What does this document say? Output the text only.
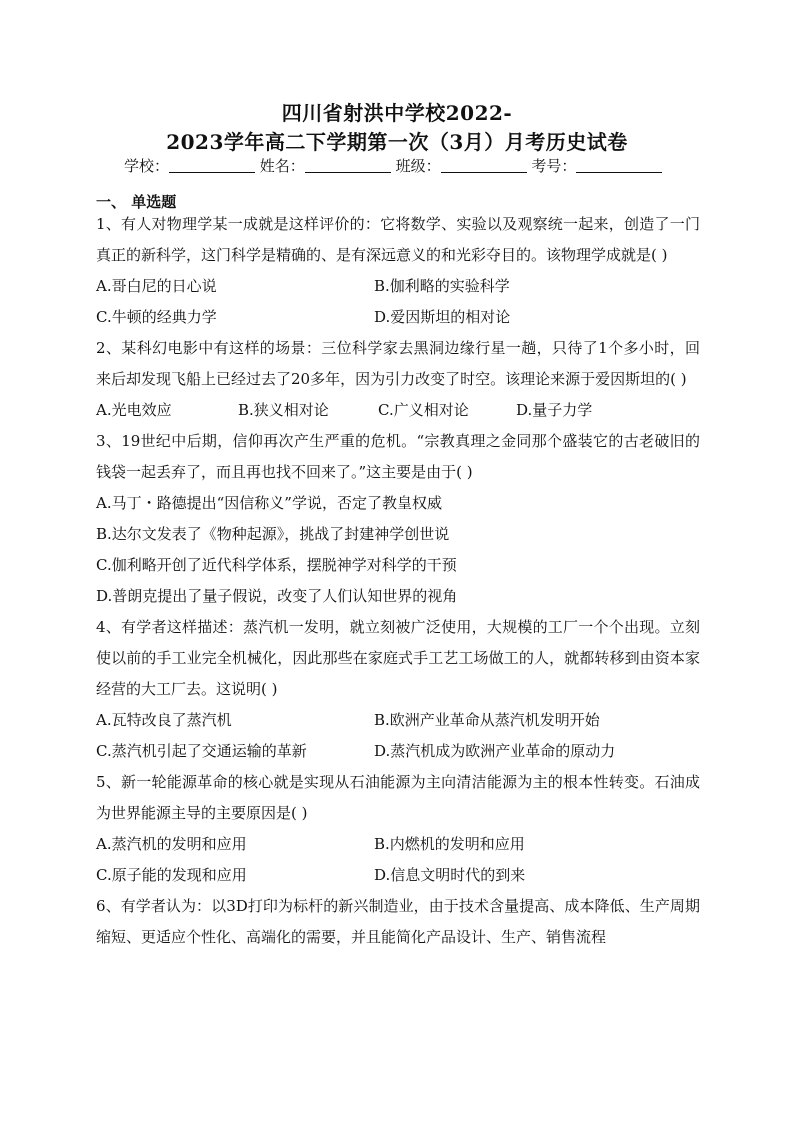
四川省射洪中学校2022-
2023学年高二下学期第一次（3月）月考历史试卷
学校：	姓名：	班级：	考号：
一、 单选题
1、有人对物理学某一成就是这样评价的：它将数学、实验以及观察统一起来，创造了一门真正的新科学，这门科学是精确的、是有深远意义的和光彩夺目的。该物理学成就是( )
A.哥白尼的日心说	B.伽利略的实验科学
C.牛顿的经典力学	D.爱因斯坦的相对论
2、某科幻电影中有这样的场景：三位科学家去黑洞边缘行星一趟，只待了1个多小时，回来后却发现飞船上已经过去了20多年，因为引力改变了时空。该理论来源于爱因斯坦的( )
A.光电效应	B.狭义相对论	C.广义相对论	D.量子力学
3、19世纪中后期，信仰再次产生严重的危机。“宗教真理之金同那个盛装它的古老破旧的钱袋一起丢弃了，而且再也找不回来了。”这主要是由于( )
A.马丁・路德提出“因信称义”学说，否定了教皇权威
B.达尔文发表了《物种起源》，挑战了封建神学创世说
C.伽利略开创了近代科学体系，摆脱神学对科学的干预
D.普朗克提出了量子假说，改变了人们认知世界的视角
4、有学者这样描述：蒸汽机一发明，就立刻被广泛使用，大规模的工厂一个个出现。立刻使以前的手工业完全机械化，因此那些在家庭式手工艺工场做工的人，就都转移到由资本家经营的大工厂去。这说明( )
A.瓦特改良了蒸汽机	B.欧洲产业革命从蒸汽机发明开始
C.蒸汽机引起了交通运输的革新	D.蒸汽机成为欧洲产业革命的原动力
5、新一轮能源革命的核心就是实现从石油能源为主向清洁能源为主的根本性转变。石油成为世界能源主导的主要原因是( )
A.蒸汽机的发明和应用	B.内燃机的发明和应用
C.原子能的发现和应用	D.信息文明时代的到来
6、有学者认为：以3D打印为标杆的新兴制造业，由于技术含量提高、成本降低、生产周期缩短、更适应个性化、高端化的需要，并且能简化产品设计、生产、销售流程
